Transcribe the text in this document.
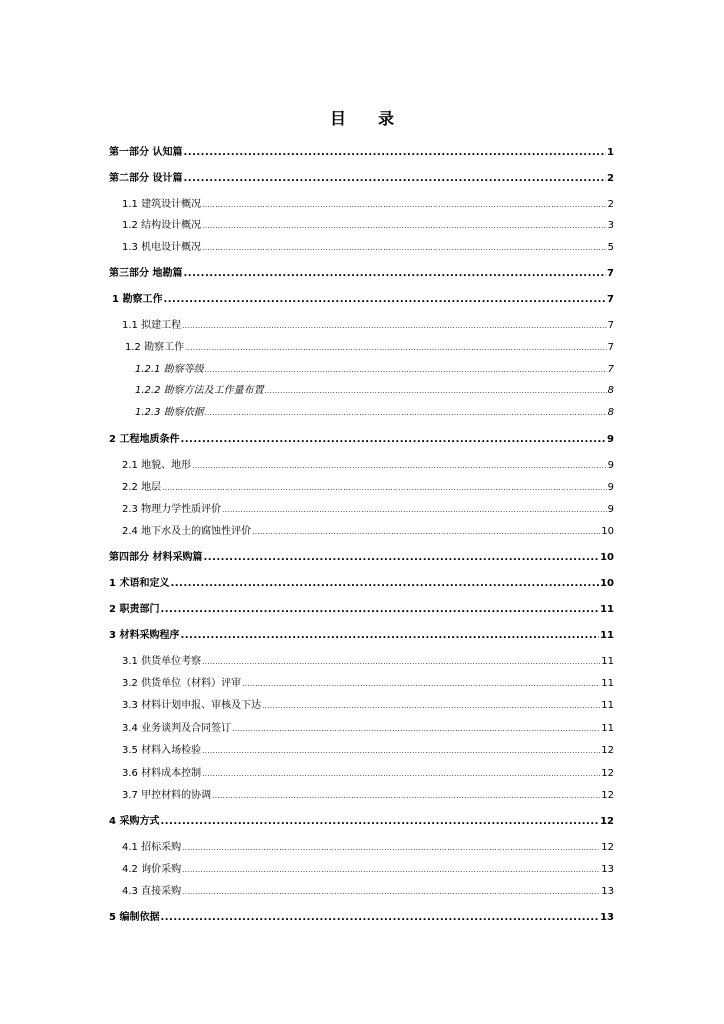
目　　录
第一部分 认知篇 .....	1
第二部分 设计篇 .....	2
1.1 建筑设计概况 .....	2
1.2 结构设计概况 .....	3
1.3 机电设计概况 .....	5
第三部分 地勘篇 .....	7
1 勘察工作 .....	7
1.1 拟建工程 .....	7
1.2 勘察工作 .....	7
1.2.1 勘察等级 .....	7
1.2.2 勘察方法及工作量布置 .....	8
1.2.3 勘察依据 .....	8
2 工程地质条件 .....	9
2.1 地貌、地形 .....	9
2.2 地层 .....	9
2.3 物理力学性质评价 .....	9
2.4 地下水及土的腐蚀性评价 .....	10
第四部分 材料采购篇 .....	10
1 术语和定义 .....	10
2 职责部门 .....	11
3 材料采购程序 .....	11
3.1 供货单位考察 .....	11
3.2 供货单位（材料）评审 .....	11
3.3 材料计划申报、审核及下达 .....	11
3.4 业务谈判及合同签订 .....	11
3.5 材料入场检验 .....	12
3.6 材料成本控制 .....	12
3.7 甲控材料的协调 .....	12
4 采购方式 .....	12
4.1 招标采购 .....	12
4.2 询价采购 .....	13
4.3 直接采购 .....	13
5 编制依据 .....	13
